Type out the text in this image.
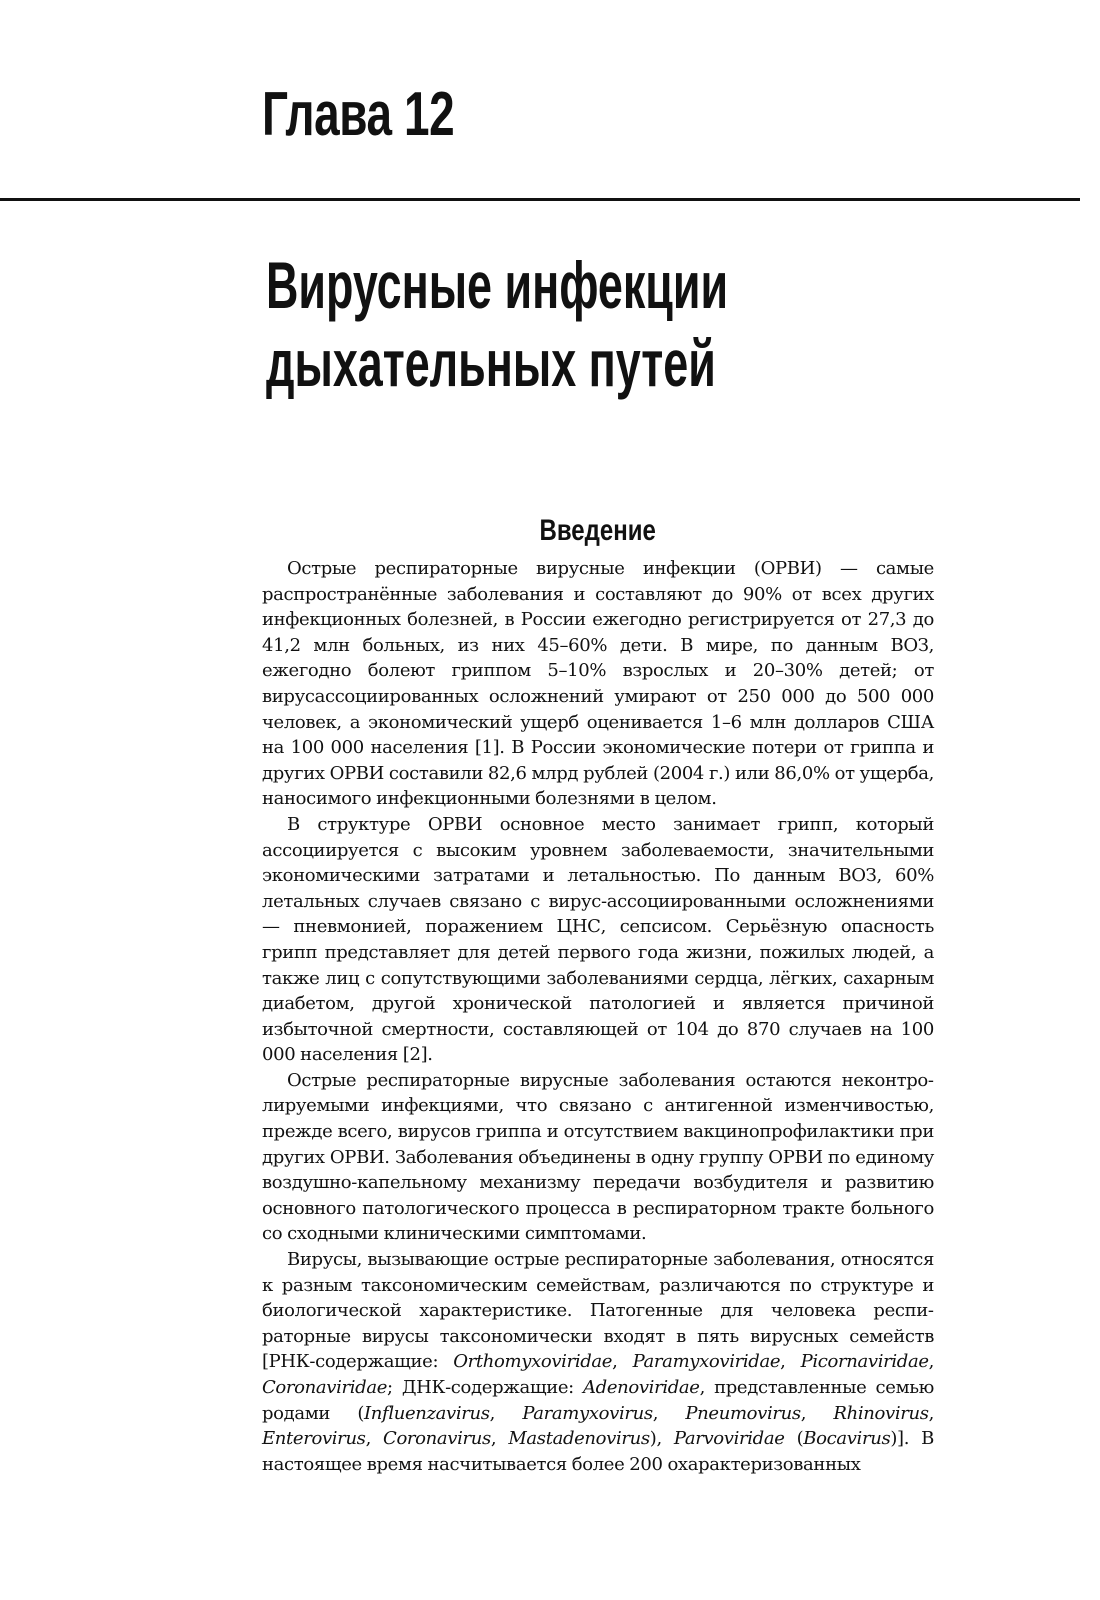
Глава 12
Вирусные инфекции
дыхательных путей
Введение

Острые респираторные вирусные инфекции (ОРВИ) — самые распространённые заболевания и составляют до 90% от всех других инфекционных болезней, в России ежегодно регистрируется от 27,3 до 41,2 млн больных, из них 45–60% дети. В мире, по данным ВОЗ, ежегодно болеют гриппом 5–10% взрослых и 20–30% детей; от вирусассоциированных осложнений умирают от 250 000 до 500 000 человек, а экономический ущерб оценивается 1–6 млн долларов США на 100 000 населения [1]. В России экономические потери от гриппа и других ОРВИ составили 82,6 млрд рублей (2004 г.) или 86,0% от ущерба, наносимого инфекционными болезнями в целом.

В структуре ОРВИ основное место занимает грипп, который ассоциируется с высоким уровнем заболеваемости, значительными экономическими затратами и летальностью. По данным ВОЗ, 60% летальных случаев связано с вирус-ассоциированными осложнениями — пневмонией, поражением ЦНС, сепсисом. Серьёзную опасность грипп представляет для детей первого года жизни, пожилых людей, а также лиц с сопутствующими заболеваниями сердца, лёгких, сахарным диабетом, другой хронической патологией и является причиной избыточной смертности, составляющей от 104 до 870 случаев на 100 000 населения [2].

Острые респираторные вирусные заболевания остаются неконтролируемыми инфекциями, что связано с антигенной изменчивостью, прежде всего, вирусов гриппа и отсутствием вакцинопрофилактики при других ОРВИ. Заболевания объединены в одну группу ОРВИ по единому воздушно-капельному механизму передачи возбудителя и развитию основного патологического процесса в респираторном тракте больного со сходными клиническими симптомами.

Вирусы, вызывающие острые респираторные заболевания, относятся к разным таксономическим семействам, различаются по структуре и биологической характеристике. Патогенные для человека респираторные вирусы таксономически входят в пять вирусных семейств [РНК-содержащие: Orthomyxoviridae, Paramyxoviridae, Picornaviridae, Coronaviridae; ДНК-содержащие: Adenoviridae, представленные семью родами (Influenzavirus, Paramyxovirus, Pneumovirus, Rhinovirus, Enterovirus, Coronavirus, Mastadenovirus), Parvoviridae (Bocavirus)]. В настоящее время насчитывается более 200 охарактеризованных
